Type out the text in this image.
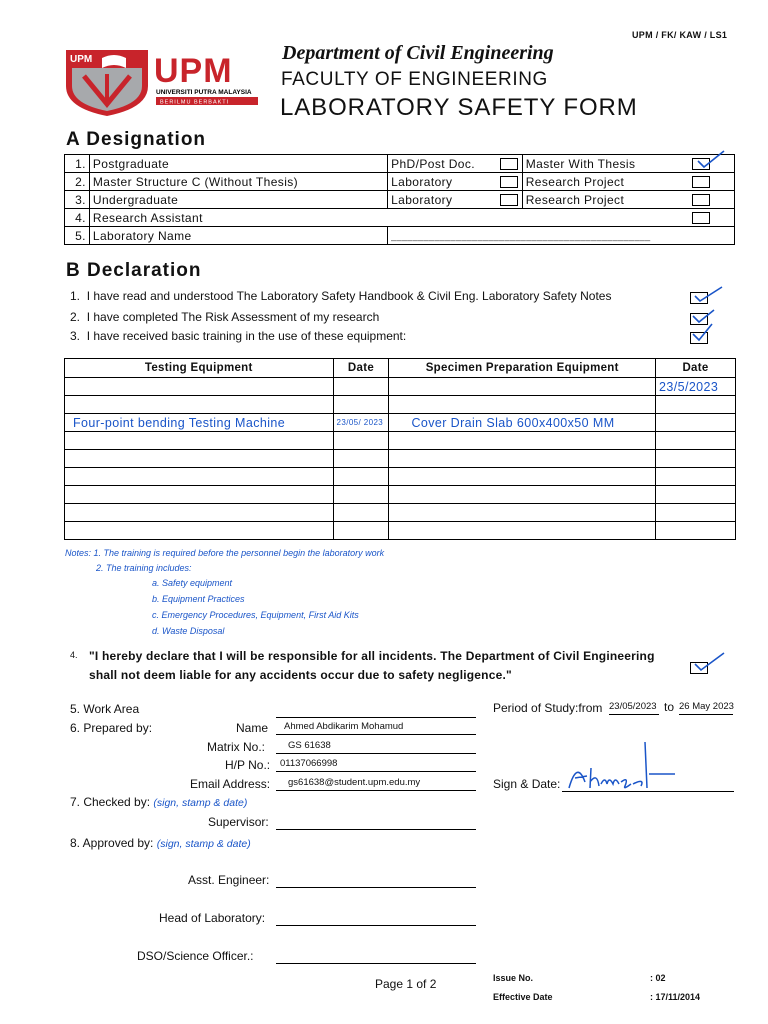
UPM / FK/ KAW / LS1
UPM UPM
UNIVERSITI PUTRA MALAYSIA
BERILMU BERBAKTI
Department of Civil Engineering
FACULTY OF ENGINEERING
LABORATORY SAFETY FORM
A Designation
1.	Postgraduate	PhD/Post Doc.	Master With Thesis

2.	Master Structure C (Without Thesis)	Laboratory	Research Project

3.	Undergraduate	Laboratory	Research Project

4.	Research Assistant		

5.	Laboratory Name	________________________________________________	
B Declaration
1. I have read and understood The Laboratory Safety Handbook & Civil Eng. Laboratory Safety Notes
2. I have completed The Risk Assessment of my research
3. I have received basic training in the use of these equipment:
Testing Equipment	Date	Specimen Preparation Equipment	Date
			23/5/2023

Four-point bending Testing Machine	23/05/ 2023	Cover Drain Slab 600x400x50 MM	

Notes: 1. The training is required before the personnel begin the laboratory work
2. The training includes:
a. Safety equipment
b. Equipment Practices
c. Emergency Procedures, Equipment, First Aid Kits
d. Waste Disposal
4. "I hereby declare that I will be responsible for all incidents. The Department of Civil Engineering
shall not deem liable for any accidents occur due to safety negligence."
5. Work Area	Period of Study:from 23/05/2023 to 26 May 2023
6. Prepared by:	Name	Ahmed Abdikarim Mohamud
Matrix No.:	GS 61638
H/P No.:	01137066998
Email Address:	gs61638@student.upm.edu.my	Sign & Date:
7. Checked by: (sign, stamp & date)
Supervisor:
8. Approved by: (sign, stamp & date)
Asst. Engineer:
Head of Laboratory:
DSO/Science Officer.:
Page 1 of 2	Issue No.	: 02
Effective Date	: 17/11/2014
